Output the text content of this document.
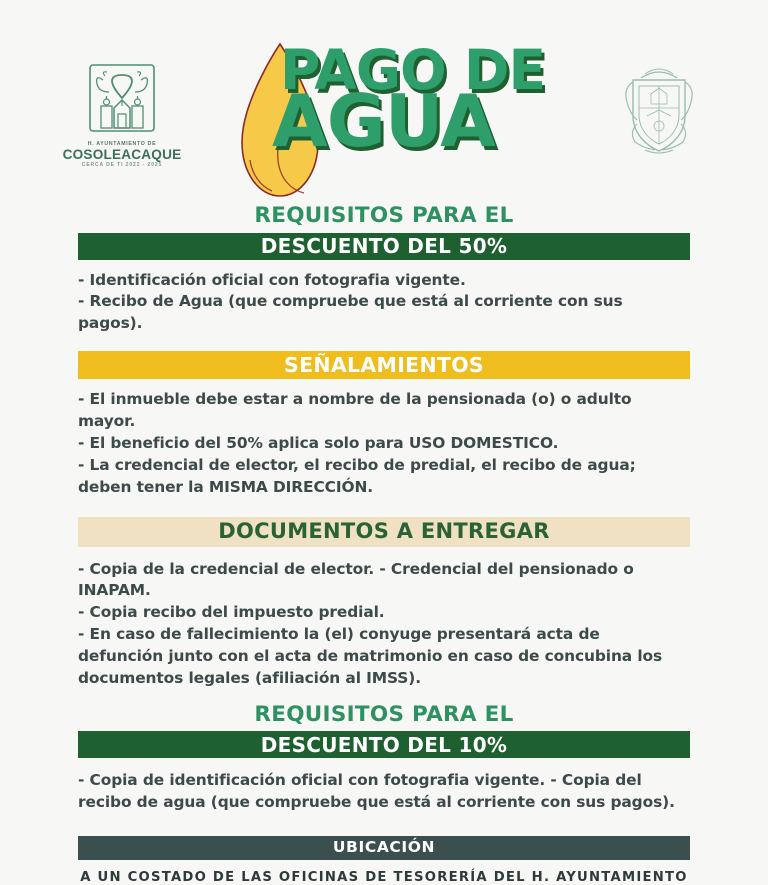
H. AYUNTAMIENTO DE
COSOLEACAQUE
CERCA DE TI 2022 - 2025
PAGO DE
AGUA
REQUISITOS PARA EL
DESCUENTO DEL 50%
- Identificación oficial con fotografia vigente.
- Recibo de Agua (que compruebe que está al corriente con sus pagos).
SEÑALAMIENTOS
- El inmueble debe estar a nombre de la pensionada (o) o adulto mayor.
- El beneficio del 50% aplica solo para USO DOMESTICO.
- La credencial de elector, el recibo de predial, el recibo de agua; deben tener la MISMA DIRECCIÓN.
DOCUMENTOS A ENTREGAR
- Copia de la credencial de elector. - Credencial del pensionado o INAPAM.
- Copia recibo del impuesto predial.
- En caso de fallecimiento la (el) conyuge presentará acta de defunción junto con el acta de matrimonio en caso de concubina los documentos legales (afiliación al IMSS).
REQUISITOS PARA EL
DESCUENTO DEL 10%
- Copia de identificación oficial con fotografia vigente. - Copia del recibo de agua (que compruebe que está al corriente con sus pagos).
UBICACIÓN
A UN COSTADO DE LAS OFICINAS DE TESORERÍA DEL H. AYUNTAMIENTO
